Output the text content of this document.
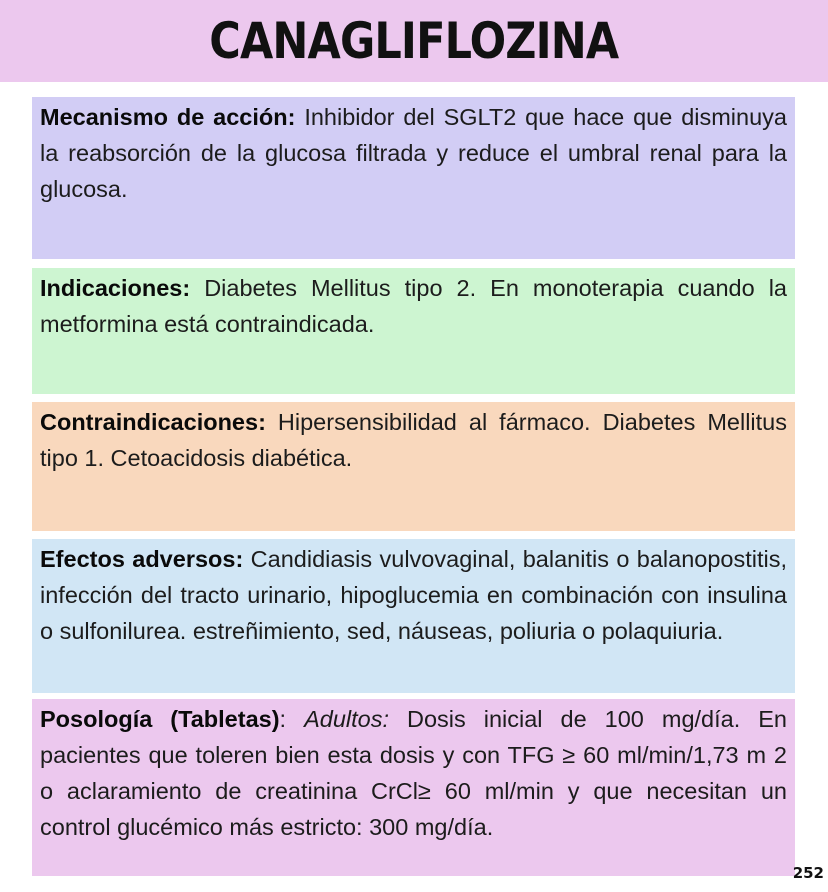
CANAGLIFLOZINA

Mecanismo de acción: Inhibidor del SGLT2 que hace que disminuya la reabsorción de la glucosa filtrada y reduce el umbral renal para la glucosa.

Indicaciones: Diabetes Mellitus tipo 2. En monoterapia cuando la metformina está contraindicada.

Contraindicaciones: Hipersensibilidad al fármaco. Diabetes Mellitus tipo 1. Cetoacidosis diabética.

Efectos adversos: Candidiasis vulvovaginal, balanitis o balanopostitis, infección del tracto urinario, hipoglucemia en combinación con insulina o sulfonilurea. estreñimiento, sed, náuseas, poliuria o polaquiuria.

Posología (Tabletas): Adultos: Dosis inicial de 100 mg/día. En pacientes que toleren bien esta dosis y con TFG ≥ 60 ml/min/1,73 m 2 o aclaramiento de creatinina CrCl≥ 60 ml/min y que necesitan un control glucémico más estricto: 300 mg/día.

252
